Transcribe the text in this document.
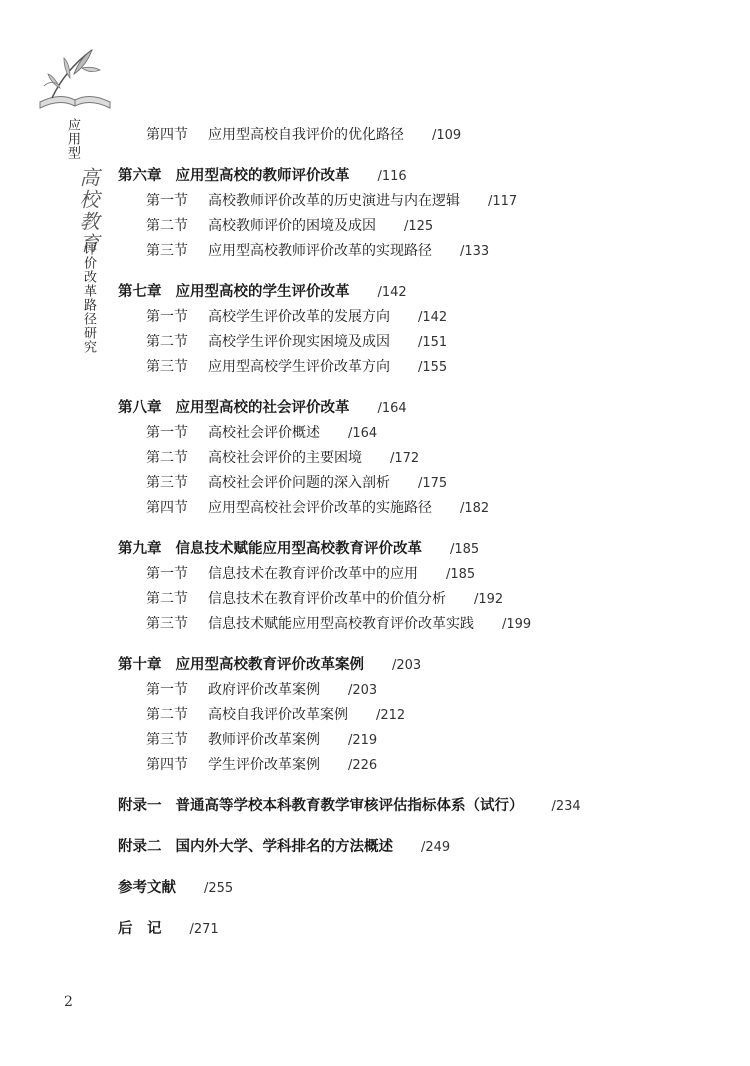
应用型
高校教育
评价改革路径研究
第四节 应用型高校自我评价的优化路径 /109
第六章 应用型高校的教师评价改革 /116
第一节 高校教师评价改革的历史演进与内在逻辑 /117
第二节 高校教师评价的困境及成因 /125
第三节 应用型高校教师评价改革的实现路径 /133
第七章 应用型高校的学生评价改革 /142
第一节 高校学生评价改革的发展方向 /142
第二节 高校学生评价现实困境及成因 /151
第三节 应用型高校学生评价改革方向 /155
第八章 应用型高校的社会评价改革 /164
第一节 高校社会评价概述 /164
第二节 高校社会评价的主要困境 /172
第三节 高校社会评价问题的深入剖析 /175
第四节 应用型高校社会评价改革的实施路径 /182
第九章 信息技术赋能应用型高校教育评价改革 /185
第一节 信息技术在教育评价改革中的应用 /185
第二节 信息技术在教育评价改革中的价值分析 /192
第三节 信息技术赋能应用型高校教育评价改革实践 /199
第十章 应用型高校教育评价改革案例 /203
第一节 政府评价改革案例 /203
第二节 高校自我评价改革案例 /212
第三节 教师评价改革案例 /219
第四节 学生评价改革案例 /226
附录一 普通高等学校本科教育教学审核评估指标体系（试行） /234
附录二 国内外大学、学科排名的方法概述 /249
参考文献 /255
后　记 /271
2
